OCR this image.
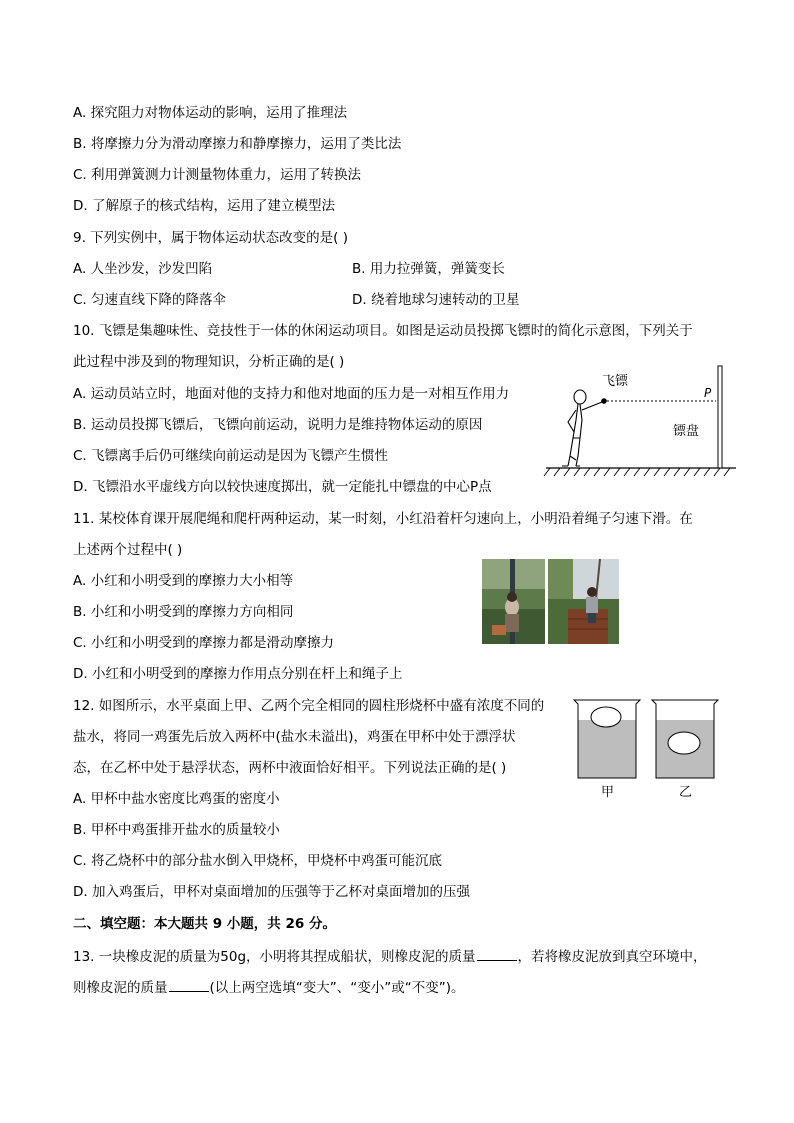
A. 探究阻力对物体运动的影响，运用了推理法
B. 将摩擦力分为滑动摩擦力和静摩擦力，运用了类比法
C. 利用弹簧测力计测量物体重力，运用了转换法
D. 了解原子的核式结构，运用了建立模型法
9. 下列实例中，属于物体运动状态改变的是( )
A. 人坐沙发，沙发凹陷	B. 用力拉弹簧，弹簧变长
C. 匀速直线下降的降落伞	D. 绕着地球匀速转动的卫星
10. 飞镖是集趣味性、竞技性于一体的休闲运动项目。如图是运动员投掷飞镖时的简化示意图，下列关于
此过程中涉及到的物理知识，分析正确的是( )
A. 运动员站立时，地面对他的支持力和他对地面的压力是一对相互作用力
B. 运动员投掷飞镖后，飞镖向前运动，说明力是维持物体运动的原因
C. 飞镖离手后仍可继续向前运动是因为飞镖产生惯性
D. 飞镖沿水平虚线方向以较快速度掷出，就一定能扎中镖盘的中心P点
飞镖
P
镖盘
11. 某校体育课开展爬绳和爬杆两种运动，某一时刻，小红沿着杆匀速向上，小明沿着绳子匀速下滑。在
上述两个过程中( )
A. 小红和小明受到的摩擦力大小相等
B. 小红和小明受到的摩擦力方向相同
C. 小红和小明受到的摩擦力都是滑动摩擦力
D. 小红和小明受到的摩擦力作用点分别在杆上和绳子上
12. 如图所示，水平桌面上甲、乙两个完全相同的圆柱形烧杯中盛有浓度不同的
盐水，将同一鸡蛋先后放入两杯中(盐水未溢出)，鸡蛋在甲杯中处于漂浮状
态，在乙杯中处于悬浮状态，两杯中液面恰好相平。下列说法正确的是( )
A. 甲杯中盐水密度比鸡蛋的密度小
B. 甲杯中鸡蛋排开盐水的质量较小
C. 将乙烧杯中的部分盐水倒入甲烧杯，甲烧杯中鸡蛋可能沉底
D. 加入鸡蛋后，甲杯对桌面增加的压强等于乙杯对桌面增加的压强
甲	乙
二、填空题：本大题共 9 小题，共 26 分。
13. 一块橡皮泥的质量为50g，小明将其捏成船状，则橡皮泥的质量	，若将橡皮泥放到真空环境中，
则橡皮泥的质量	(以上两空选填“变大”、“变小”或“不变”)。
